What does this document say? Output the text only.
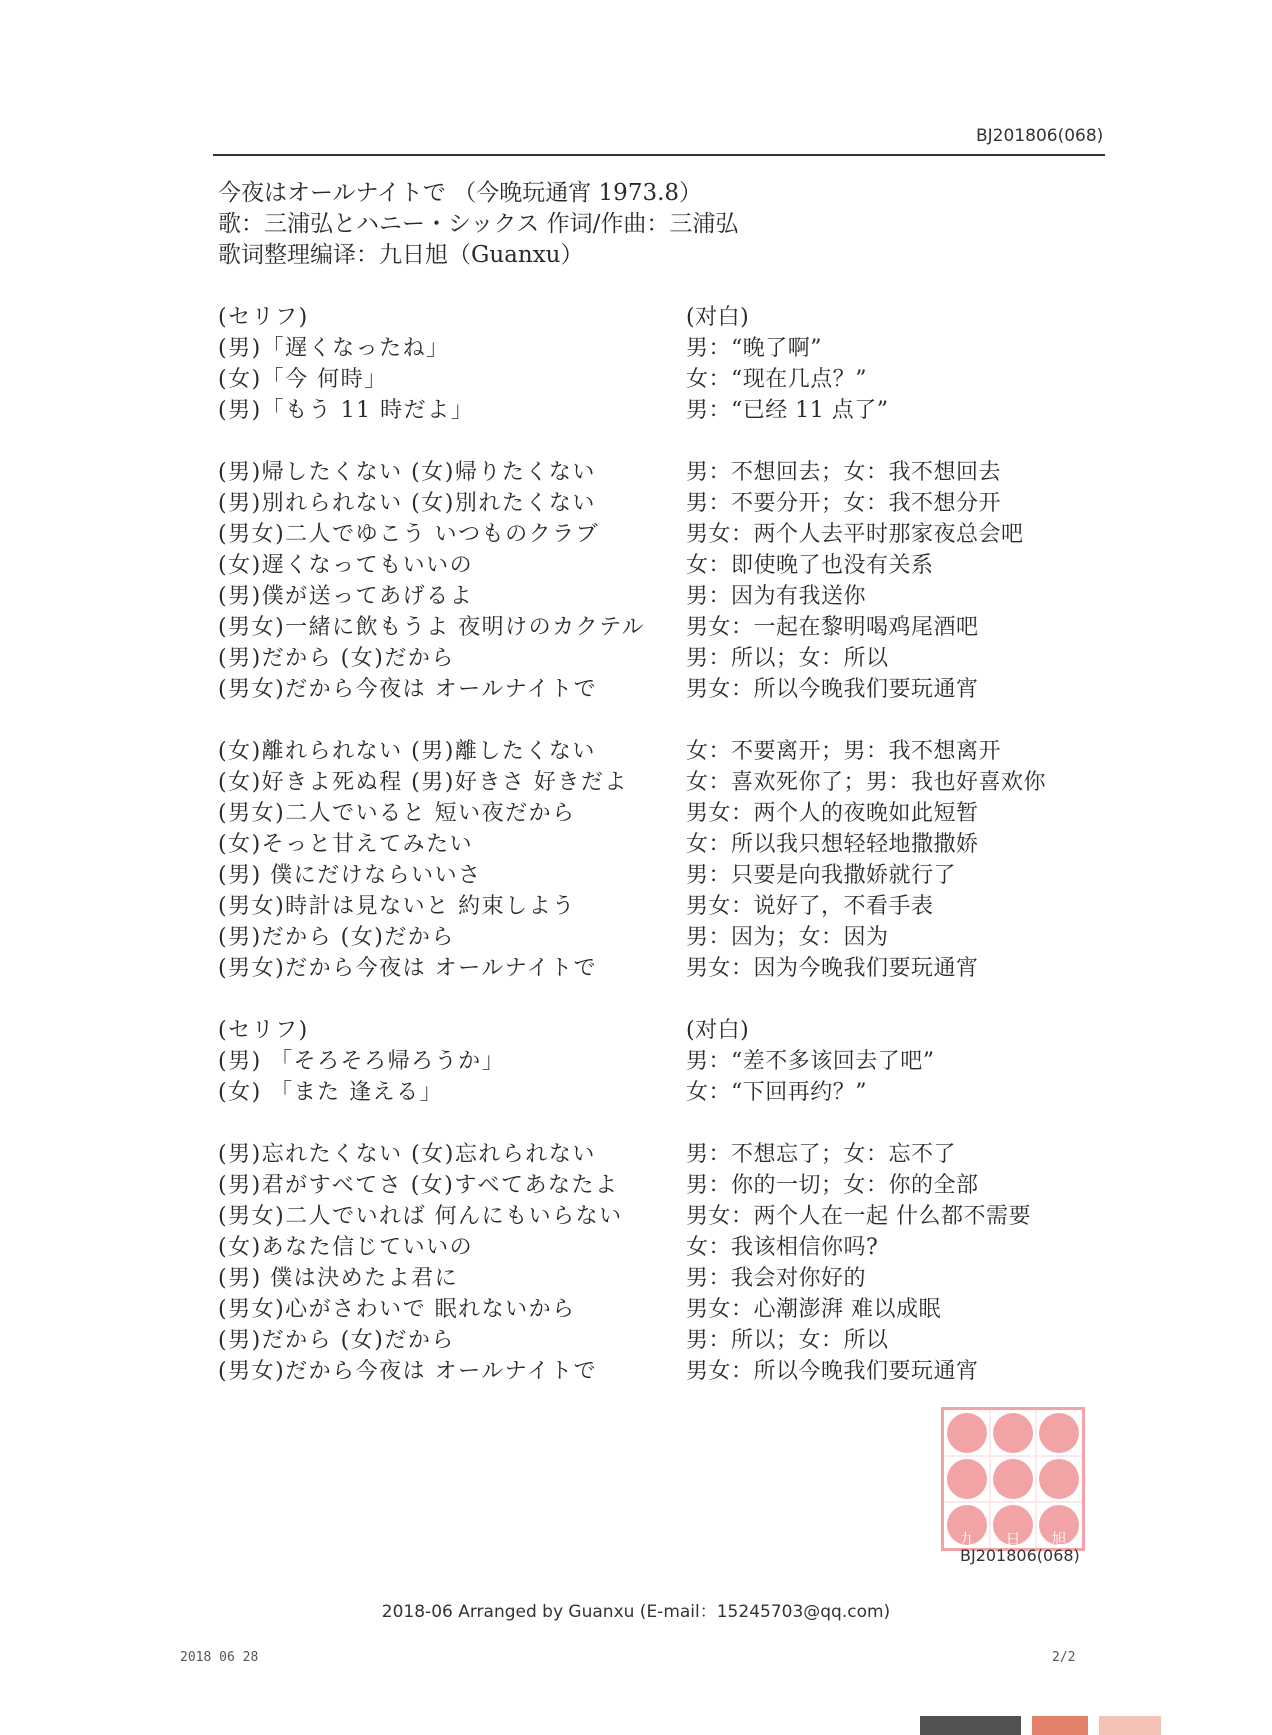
BJ201806(068)
今夜はオールナイトで （今晚玩通宵 1973.8）
歌：三浦弘とハニー・シックス 作词/作曲：三浦弘
歌词整理编译：九日旭（Guanxu）
(セリフ)	(对白)
(男)「遅くなったね」	男：“晚了啊”
(女)「今 何時」	女：“现在几点？”
(男)「もう 11 時だよ」	男：“已经 11 点了”
(男)帰したくない (女)帰りたくない	男：不想回去；女：我不想回去
(男)別れられない (女)別れたくない	男：不要分开；女：我不想分开
(男女)二人でゆこう いつものクラブ	男女：两个人去平时那家夜总会吧
(女)遅くなってもいいの	女：即使晚了也没有关系
(男)僕が送ってあげるよ	男：因为有我送你
(男女)一緒に飲もうよ 夜明けのカクテル	男女：一起在黎明喝鸡尾酒吧
(男)だから (女)だから	男：所以；女：所以
(男女)だから今夜は オールナイトで	男女：所以今晚我们要玩通宵
(女)離れられない (男)離したくない	女：不要离开；男：我不想离开
(女)好きよ死ぬ程 (男)好きさ 好きだよ	女：喜欢死你了；男：我也好喜欢你
(男女)二人でいると 短い夜だから	男女：两个人的夜晚如此短暂
(女)そっと甘えてみたい	女：所以我只想轻轻地撒撒娇
(男) 僕にだけならいいさ	男：只要是向我撒娇就行了
(男女)時計は見ないと 約束しよう	男女：说好了，不看手表
(男)だから (女)だから	男：因为；女：因为
(男女)だから今夜は オールナイトで	男女：因为今晚我们要玩通宵
(セリフ)	(对白)
(男) 「そろそろ帰ろうか」	男：“差不多该回去了吧”
(女) 「また 逢える」	女：“下回再约？”
(男)忘れたくない (女)忘れられない	男：不想忘了；女：忘不了
(男)君がすべてさ (女)すべてあなたよ	男：你的一切；女：你的全部
(男女)二人でいれば 何んにもいらない	男女：两个人在一起 什么都不需要
(女)あなた信じていいの	女：我该相信你吗?
(男) 僕は決めたよ君に	男：我会对你好的
(男女)心がさわいで 眠れないから	男女：心潮澎湃 难以成眠
(男)だから (女)だから	男：所以；女：所以
(男女)だから今夜は オールナイトで	男女：所以今晚我们要玩通宵
九 日 旭
BJ201806(068)
2018-06 Arranged by Guanxu (E-mail：15245703@qq.com)
2018 06 28	2/2
